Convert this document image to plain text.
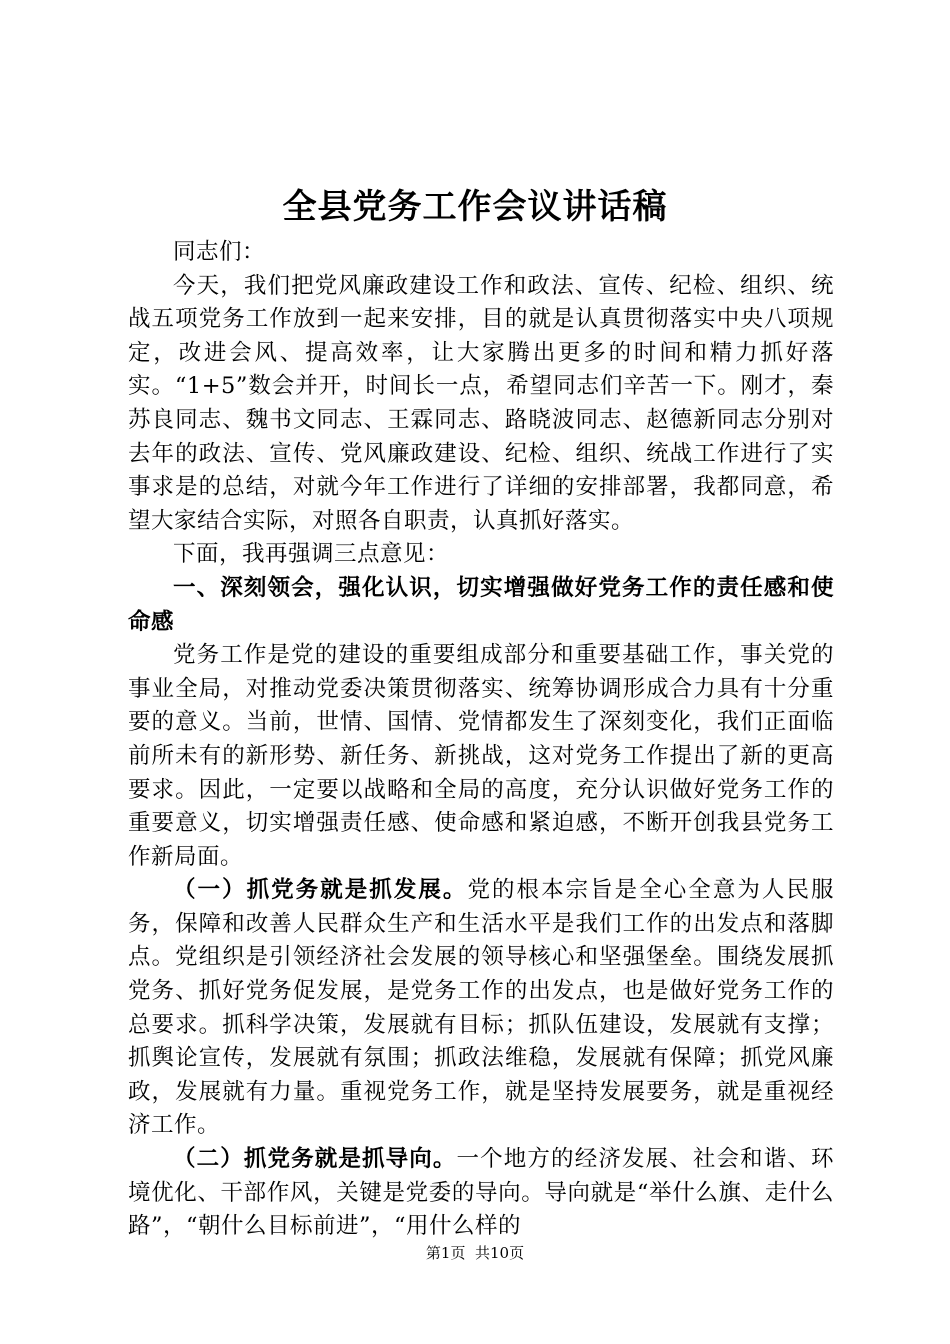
全县党务工作会议讲话稿

同志们：

今天，我们把党风廉政建设工作和政法、宣传、纪检、组织、统战五项党务工作放到一起来安排，目的就是认真贯彻落实中央八项规定，改进会风、提高效率，让大家腾出更多的时间和精力抓好落实。“1+5”数会并开，时间长一点，希望同志们辛苦一下。刚才，秦苏良同志、魏书文同志、王霖同志、路晓波同志、赵德新同志分别对去年的政法、宣传、党风廉政建设、纪检、组织、统战工作进行了实事求是的总结，对就今年工作进行了详细的安排部署，我都同意，希望大家结合实际，对照各自职责，认真抓好落实。

下面，我再强调三点意见：

一、深刻领会，强化认识，切实增强做好党务工作的责任感和使命感

党务工作是党的建设的重要组成部分和重要基础工作，事关党的事业全局，对推动党委决策贯彻落实、统筹协调形成合力具有十分重要的意义。当前，世情、国情、党情都发生了深刻变化，我们正面临前所未有的新形势、新任务、新挑战，这对党务工作提出了新的更高要求。因此，一定要以战略和全局的高度，充分认识做好党务工作的重要意义，切实增强责任感、使命感和紧迫感，不断开创我县党务工作新局面。

（一）抓党务就是抓发展。党的根本宗旨是全心全意为人民服务，保障和改善人民群众生产和生活水平是我们工作的出发点和落脚点。党组织是引领经济社会发展的领导核心和坚强堡垒。围绕发展抓党务、抓好党务促发展，是党务工作的出发点，也是做好党务工作的总要求。抓科学决策，发展就有目标；抓队伍建设，发展就有支撑；抓舆论宣传，发展就有氛围；抓政法维稳，发展就有保障；抓党风廉政，发展就有力量。重视党务工作，就是坚持发展要务，就是重视经济工作。

（二）抓党务就是抓导向。一个地方的经济发展、社会和谐、环境优化、干部作风，关键是党委的导向。导向就是“举什么旗、走什么路”，“朝什么目标前进”，“用什么样的

第1页 共10页
